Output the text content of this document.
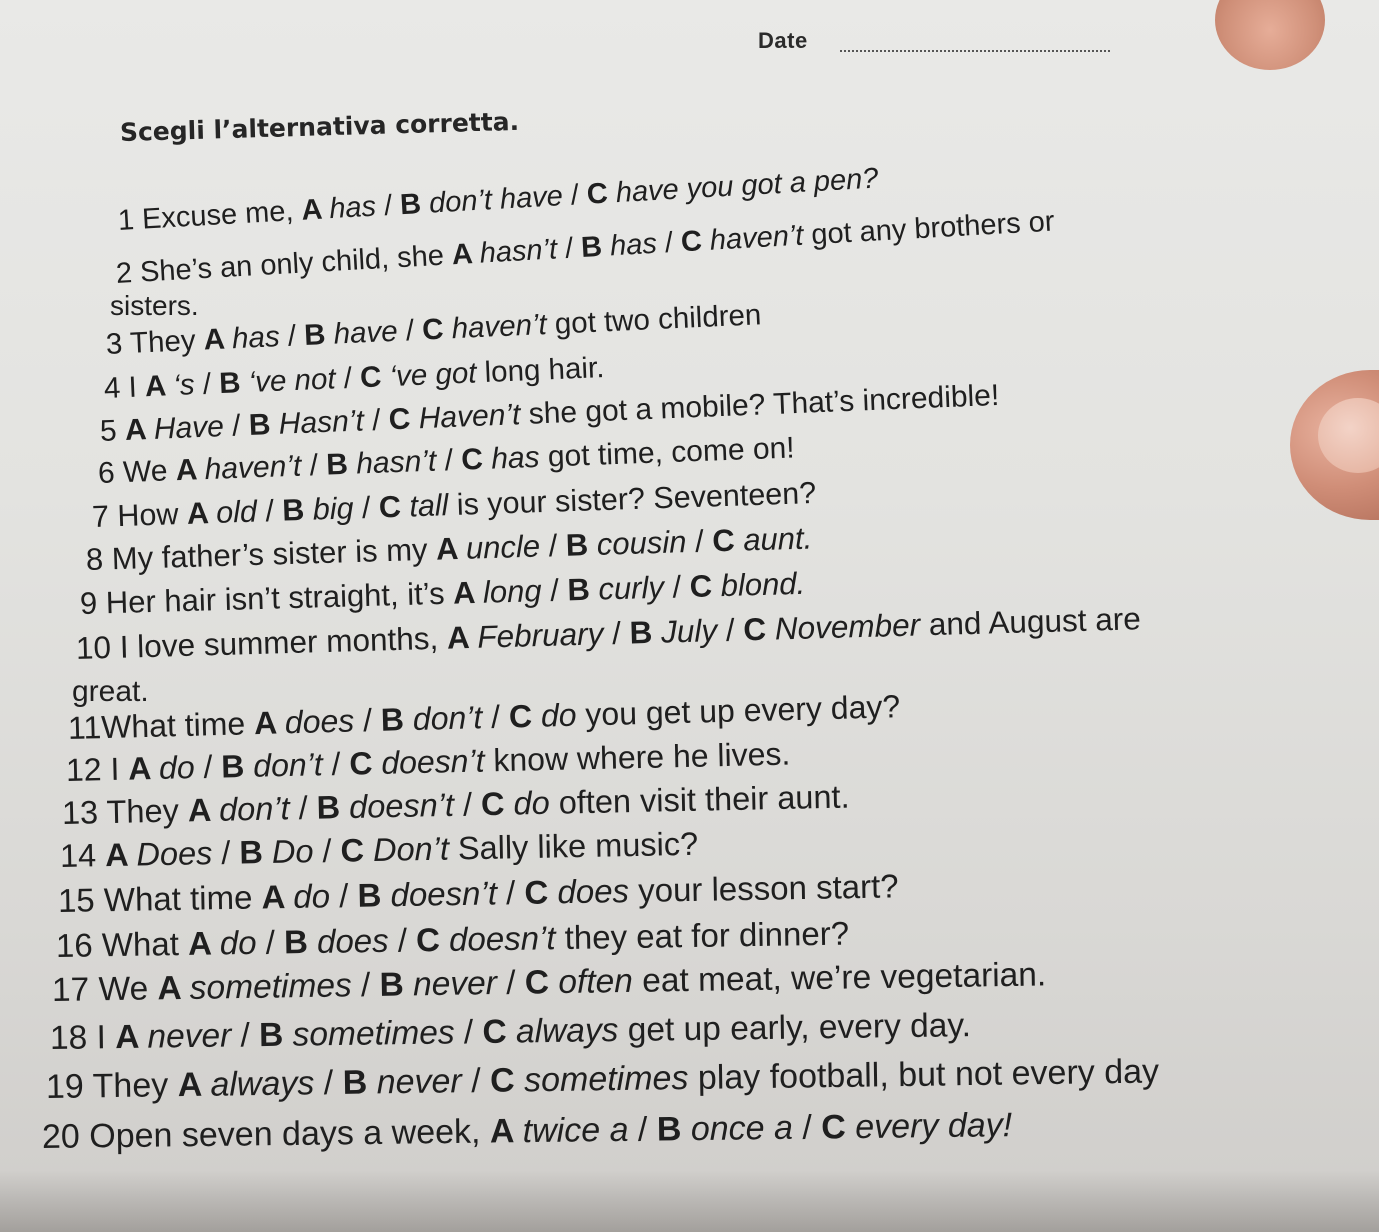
Date
Scegli l’alternativa corretta.
1 Excuse me, A has / B don’t have / C have you got a pen?
2 She’s an only child, she A hasn’t / B has / C haven’t got any brothers or
sisters.
3 They A has / B have / C haven’t got two children
4 I A ‘s / B ‘ve not / C ‘ve got long hair.
5 A Have / B Hasn’t / C Haven’t she got a mobile? That’s incredible!
6 We A haven’t / B hasn’t / C has got time, come on!
7 How A old / B big / C tall is your sister? Seventeen?
8 My father’s sister is my A uncle / B cousin / C aunt.
9 Her hair isn’t straight, it’s A long / B curly / C blond.
10 I love summer months, A February / B July / C November and August are
great.
11What time A does / B don’t / C do you get up every day?
12 I A do / B don’t / C doesn’t know where he lives.
13 They A don’t / B doesn’t / C do often visit their aunt.
14 A Does / B Do / C Don’t Sally like music?
15 What time A do / B doesn’t / C does your lesson start?
16 What A do / B does / C doesn’t they eat for dinner?
17 We A sometimes / B never / C often eat meat, we’re vegetarian.
18 I A never / B sometimes / C always get up early, every day.
19 They A always / B never / C sometimes play football, but not every day
20 Open seven days a week, A twice a / B once a / C every day!
